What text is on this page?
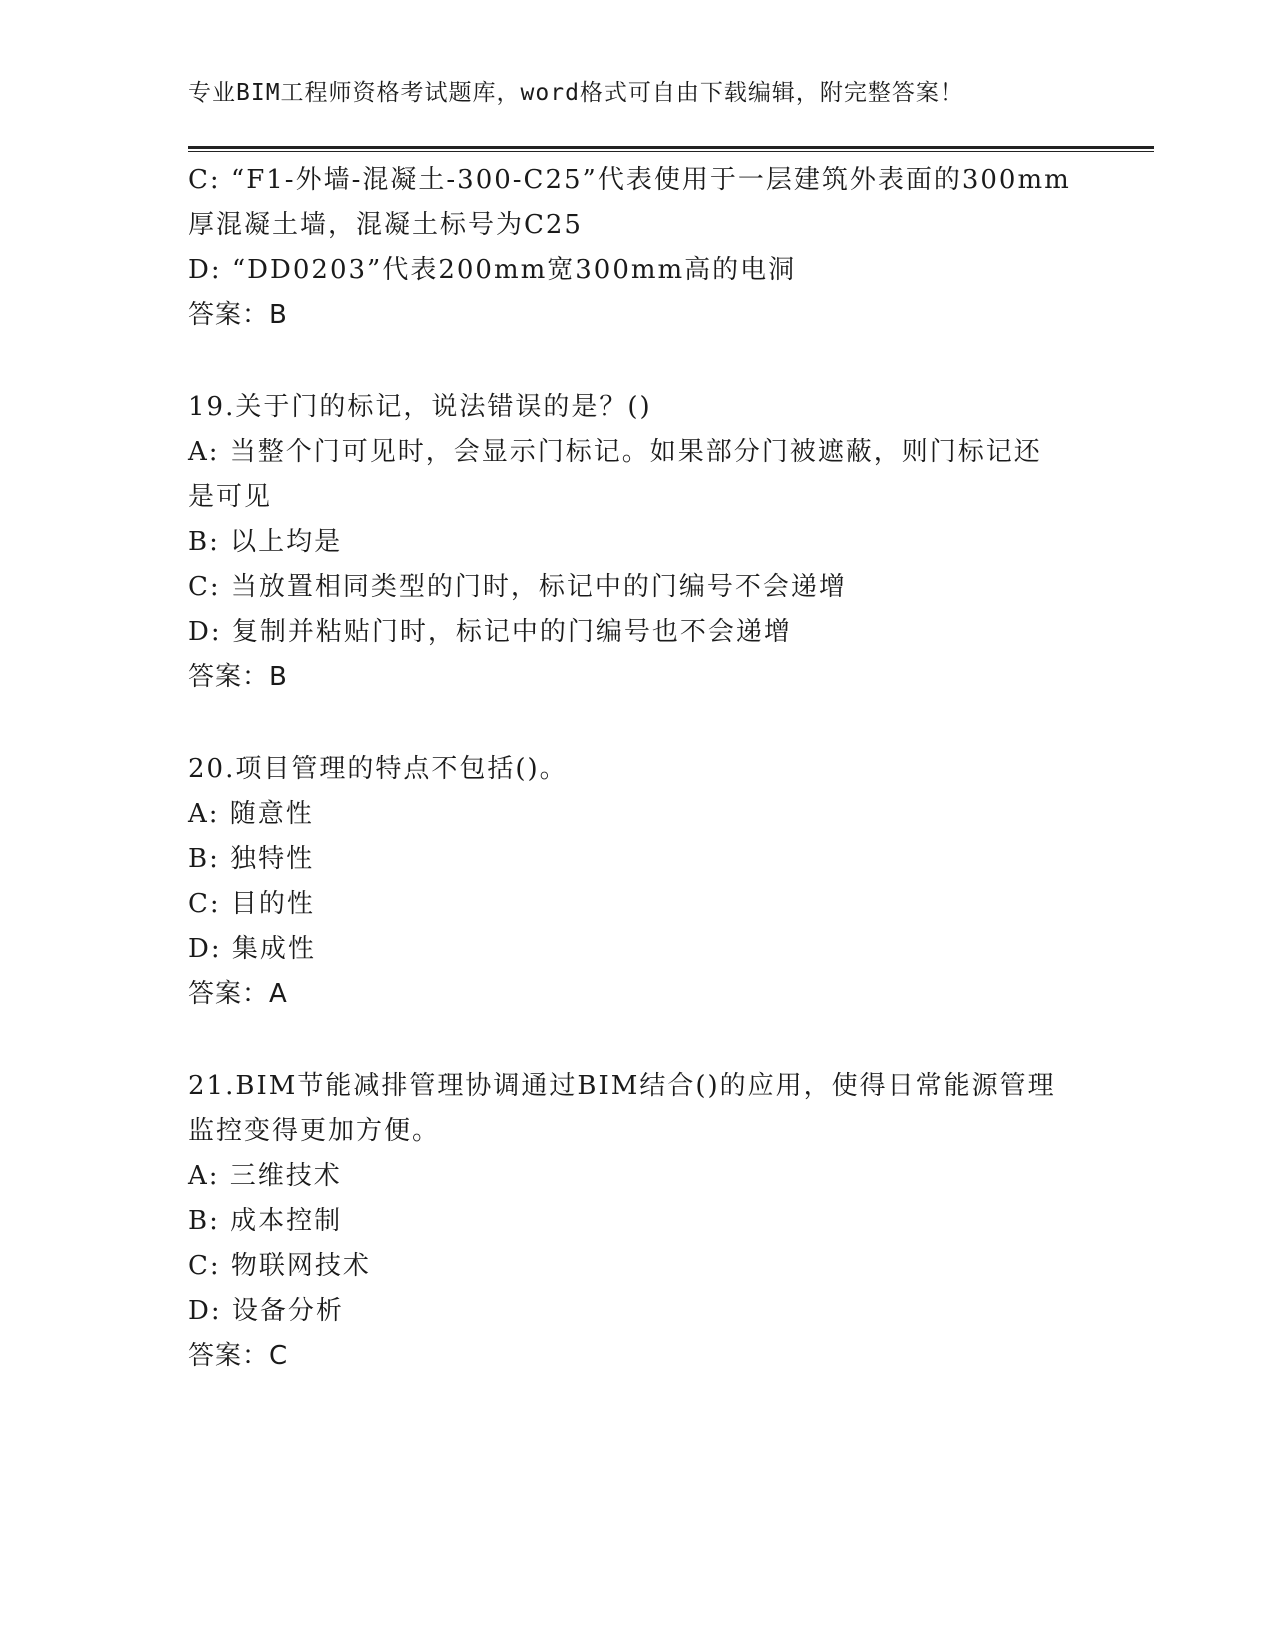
专业BIM工程师资格考试题库，word格式可自由下载编辑，附完整答案！
C: “F1-外墙-混凝土-300-C25”代表使用于一层建筑外表面的300mm
厚混凝土墙，混凝土标号为C25
D: “DD0203”代表200mm宽300mm高的电洞
答案：B
19.关于门的标记，说法错误的是？()
A: 当整个门可见时，会显示门标记。如果部分门被遮蔽，则门标记还
是可见
B: 以上均是
C: 当放置相同类型的门时，标记中的门编号不会递增
D: 复制并粘贴门时，标记中的门编号也不会递增
答案：B
20.项目管理的特点不包括()。
A: 随意性
B: 独特性
C: 目的性
D: 集成性
答案：A
21.BIM节能减排管理协调通过BIM结合()的应用，使得日常能源管理
监控变得更加方便。
A: 三维技术
B: 成本控制
C: 物联网技术
D: 设备分析
答案：C
